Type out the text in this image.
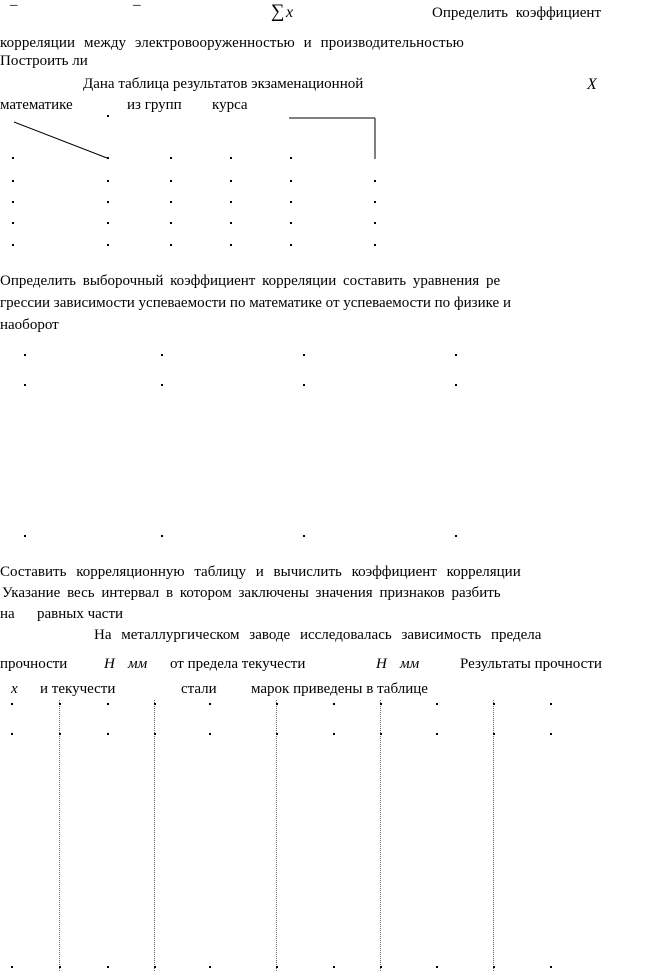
–	–	∑ x	Определить коэффициент
корреляции между электровооруженностью и производительностью
Построить ли
Дана таблица результатов экзаменационной	X
математике	из групп курса
Определить выборочный коэффициент корреляции составить уравнения ре
грессии зависимости успеваемости по математике от успеваемости по физике и
наоборот
Составить корреляционную таблицу и вычислить коэффициент корреляции
Указание весь интервал в котором заключены значения признаков разбить
на равных части
На металлургическом заводе исследовалась зависимость предела
прочности Н мм от предела текучести	Н мм	Результаты прочности
x и текучести	стали марок приведены в таблице
